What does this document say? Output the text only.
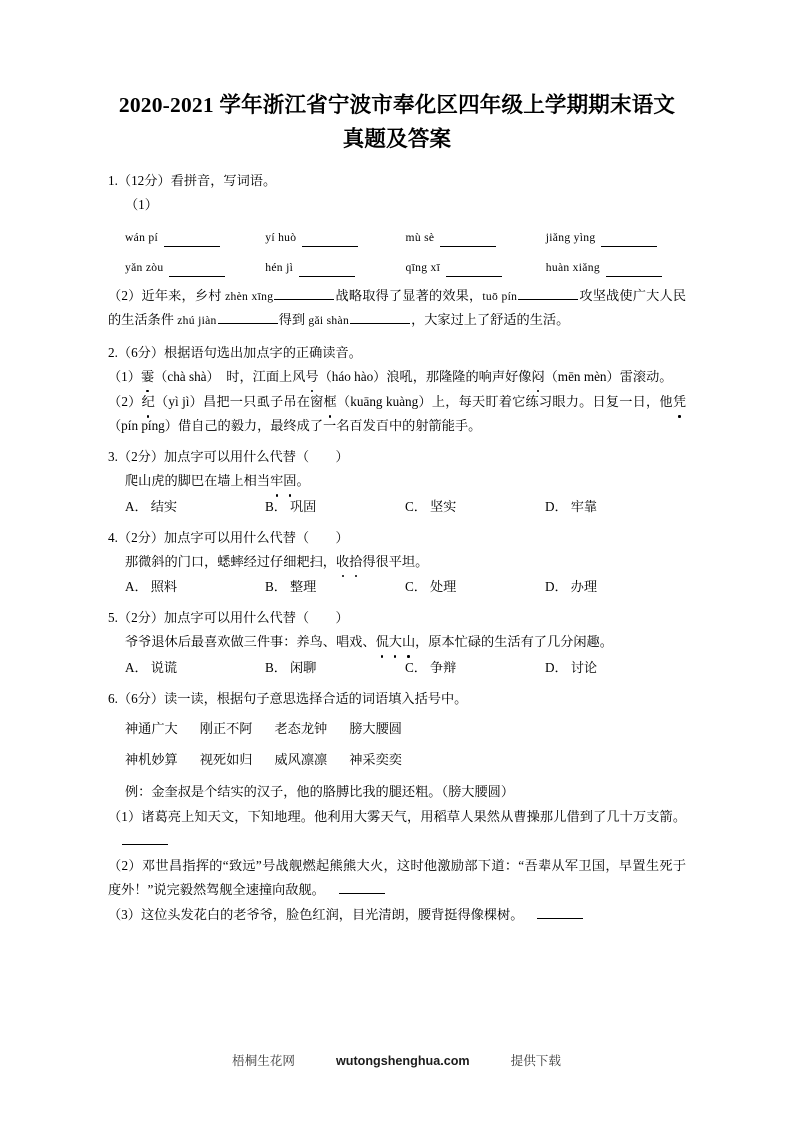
2020-2021 学年浙江省宁波市奉化区四年级上学期期末语文
真题及答案

1.（12分）看拼音，写词语。

（1）

wán pí	yí huò	mù sè	jiǎng yìng
yǎn zòu	hén jì	qīng xī	huàn xiǎng

（2）近年来，乡村 zhèn xīng	战略取得了显著的效果，tuō pín	攻坚战使广大人民的生活条件 zhú jiàn	得到 gǎi shàn	，大家过上了舒适的生活。

2.（6分）根据语句选出加点字的正确读音。

（1）霎（chà shà）　时，江面上风号（háo hào）浪吼，那隆隆的响声好像闷（mēn mèn）雷滚动。

（2）纪（yì jì）昌把一只虱子吊在窗框（kuāng kuàng）上，每天盯着它练习眼力。日复一日，他凭（pín píng）借自己的毅力，最终成了一名百发百中的射箭能手。

3.（2分）加点字可以用什么代替（　　）

爬山虎的脚巴在墙上相当牢固。

A． 结实	B． 巩固	C． 坚实	D． 牢靠

4.（2分）加点字可以用什么代替（　　）

那微斜的门口，蟋蟀经过仔细耙扫，收拾得很平坦。

A． 照料	B． 整理	C． 处理	D． 办理

5.（2分）加点字可以用什么代替（　　）

爷爷退休后最喜欢做三件事：养鸟、唱戏、侃大山，原本忙碌的生活有了几分闲趣。

A． 说谎	B． 闲聊	C． 争辩	D． 讨论

6.（6分）读一读，根据句子意思选择合适的词语填入括号中。

神通广大 刚正不阿 老态龙钟 膀大腰圆
神机妙算 视死如归 威风凛凛 神采奕奕

例：金奎叔是个结实的汉子，他的胳膊比我的腿还粗。（膀大腰圆）

（1）诸葛亮上知天文，下知地理。他利用大雾天气，用稻草人果然从曹操那儿借到了几十万支箭。

（2）邓世昌指挥的“致远”号战舰燃起熊熊大火，这时他激励部下道：“吾辈从军卫国，早置生死于度外！”说完毅然驾舰全速撞向敌舰。

（3）这位头发花白的老爷爷，脸色红润，目光清朗，腰背挺得像棵树。

梧桐生花网	wutongshenghua.com	提供下载
